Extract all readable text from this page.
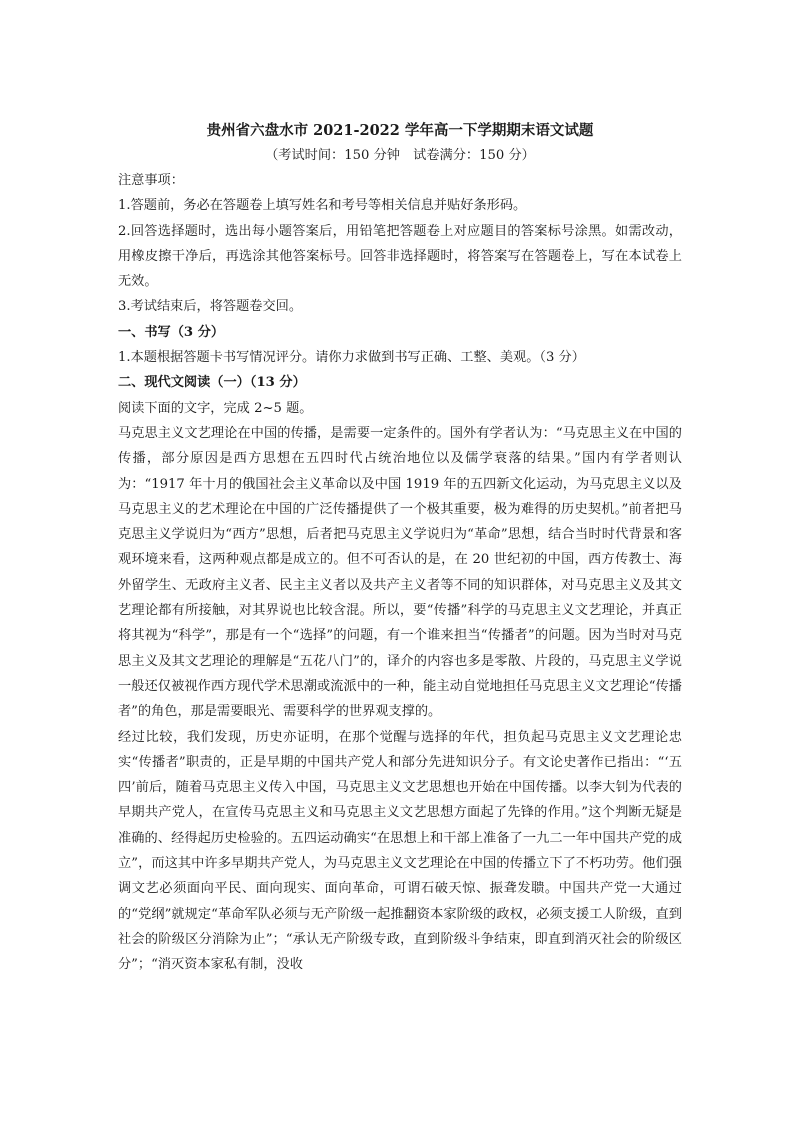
贵州省六盘水市 2021-2022 学年高一下学期期末语文试题
（考试时间：150 分钟　试卷满分：150 分）
注意事项：
1.答题前，务必在答题卷上填写姓名和考号等相关信息并贴好条形码。
2.回答选择题时，选出每小题答案后，用铅笔把答题卷上对应题目的答案标号涂黑。如需改动，用橡皮擦干净后，再选涂其他答案标号。回答非选择题时，将答案写在答题卷上，写在本试卷上无效。
3.考试结束后，将答题卷交回。
一、书写（3 分）
1.本题根据答题卡书写情况评分。请你力求做到书写正确、工整、美观。（3 分）
二、现代文阅读（一）（13 分）
阅读下面的文字，完成 2~5 题。
马克思主义文艺理论在中国的传播，是需要一定条件的。国外有学者认为：“马克思主义在中国的传播，部分原因是西方思想在五四时代占统治地位以及儒学衰落的结果。”国内有学者则认为：“1917 年十月的俄国社会主义革命以及中国 1919 年的五四新文化运动，为马克思主义以及马克思主义的艺术理论在中国的广泛传播提供了一个极其重要，极为难得的历史契机。”前者把马克思主义学说归为“西方”思想，后者把马克思主义学说归为“革命”思想，结合当时时代背景和客观环境来看，这两种观点都是成立的。但不可否认的是，在 20 世纪初的中国，西方传教士、海外留学生、无政府主义者、民主主义者以及共产主义者等不同的知识群体，对马克思主义及其文艺理论都有所接触，对其界说也比较含混。所以，要“传播”科学的马克思主义文艺理论，并真正将其视为“科学”，那是有一个“选择”的问题，有一个谁来担当“传播者”的问题。因为当时对马克思主义及其文艺理论的理解是“五花八门”的，译介的内容也多是零散、片段的，马克思主义学说一般还仅被视作西方现代学术思潮或流派中的一种，能主动自觉地担任马克思主义文艺理论“传播者”的角色，那是需要眼光、需要科学的世界观支撑的。
经过比较，我们发现，历史亦证明，在那个觉醒与选择的年代，担负起马克思主义文艺理论忠实“传播者”职责的，正是早期的中国共产党人和部分先进知识分子。有文论史著作已指出：“‘五四’前后，随着马克思主义传入中国，马克思主义文艺思想也开始在中国传播。以李大钊为代表的早期共产党人，在宣传马克思主义和马克思主义文艺思想方面起了先锋的作用。”这个判断无疑是准确的、经得起历史检验的。五四运动确实“在思想上和干部上准备了一九二一年中国共产党的成立”，而这其中许多早期共产党人，为马克思主义文艺理论在中国的传播立下了不朽功劳。他们强调文艺必须面向平民、面向现实、面向革命，可谓石破天惊、振聋发聩。中国共产党一大通过的“党纲”就规定“革命军队必须与无产阶级一起推翻资本家阶级的政权，必须支援工人阶级，直到社会的阶级区分消除为止”；“承认无产阶级专政，直到阶级斗争结束，即直到消灭社会的阶级区分”；“消灭资本家私有制，没收
